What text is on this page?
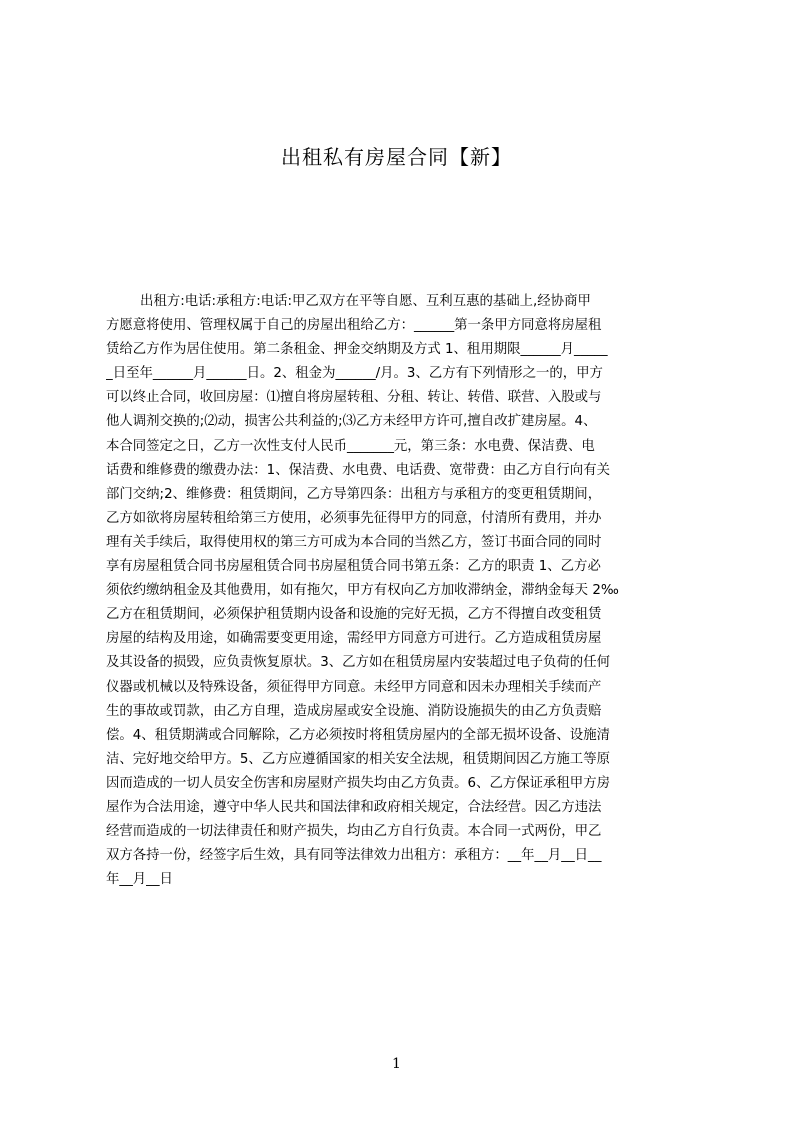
出租私有房屋合同【新】
出租方:电话:承租方:电话:甲乙双方在平等自愿、互利互惠的基础上,经协商甲
方愿意将使用、管理权属于自己的房屋出租给乙方：______第一条甲方同意将房屋租
赁给乙方作为居住使用。第二条租金、押金交纳期及方式 1、租用期限______月_____
_日至年______月______日。2、租金为______/月。3、乙方有下列情形之一的，甲方
可以终止合同，收回房屋：⑴擅自将房屋转租、分租、转让、转借、联营、入股或与
他人调剂交换的;⑵动，损害公共利益的;⑶乙方未经甲方许可,擅自改扩建房屋。4、
本合同签定之日，乙方一次性支付人民币_______元，第三条：水电费、保洁费、电
话费和维修费的缴费办法：1、保洁费、水电费、电话费、宽带费：由乙方自行向有关
部门交纳;2、维修费：租赁期间，乙方导第四条：出租方与承租方的变更租赁期间，
乙方如欲将房屋转租给第三方使用，必须事先征得甲方的同意，付清所有费用，并办
理有关手续后，取得使用权的第三方可成为本合同的当然乙方，签订书面合同的同时
享有房屋租赁合同书房屋租赁合同书房屋租赁合同书第五条：乙方的职责 1、乙方必
须依约缴纳租金及其他费用，如有拖欠，甲方有权向乙方加收滞纳金，滞纳金每天 2‰
乙方在租赁期间，必须保护租赁期内设备和设施的完好无损，乙方不得擅自改变租赁
房屋的结构及用途，如确需要变更用途，需经甲方同意方可进行。乙方造成租赁房屋
及其设备的损毁，应负责恢复原状。3、乙方如在租赁房屋内安装超过电子负荷的任何
仪器或机械以及特殊设备，须征得甲方同意。未经甲方同意和因未办理相关手续而产
生的事故或罚款，由乙方自理，造成房屋或安全设施、消防设施损失的由乙方负责赔
偿。4、租赁期满或合同解除，乙方必须按时将租赁房屋内的全部无损坏设备、设施清
洁、完好地交给甲方。5、乙方应遵循国家的相关安全法规，租赁期间因乙方施工等原
因而造成的一切人员安全伤害和房屋财产损失均由乙方负责。6、乙方保证承租甲方房
屋作为合法用途，遵守中华人民共和国法律和政府相关规定，合法经营。因乙方违法
经营而造成的一切法律责任和财产损失，均由乙方自行负责。本合同一式两份，甲乙
双方各持一份，经签字后生效，具有同等法律效力出租方：承租方：__年__月__日__
年__月__日
1
